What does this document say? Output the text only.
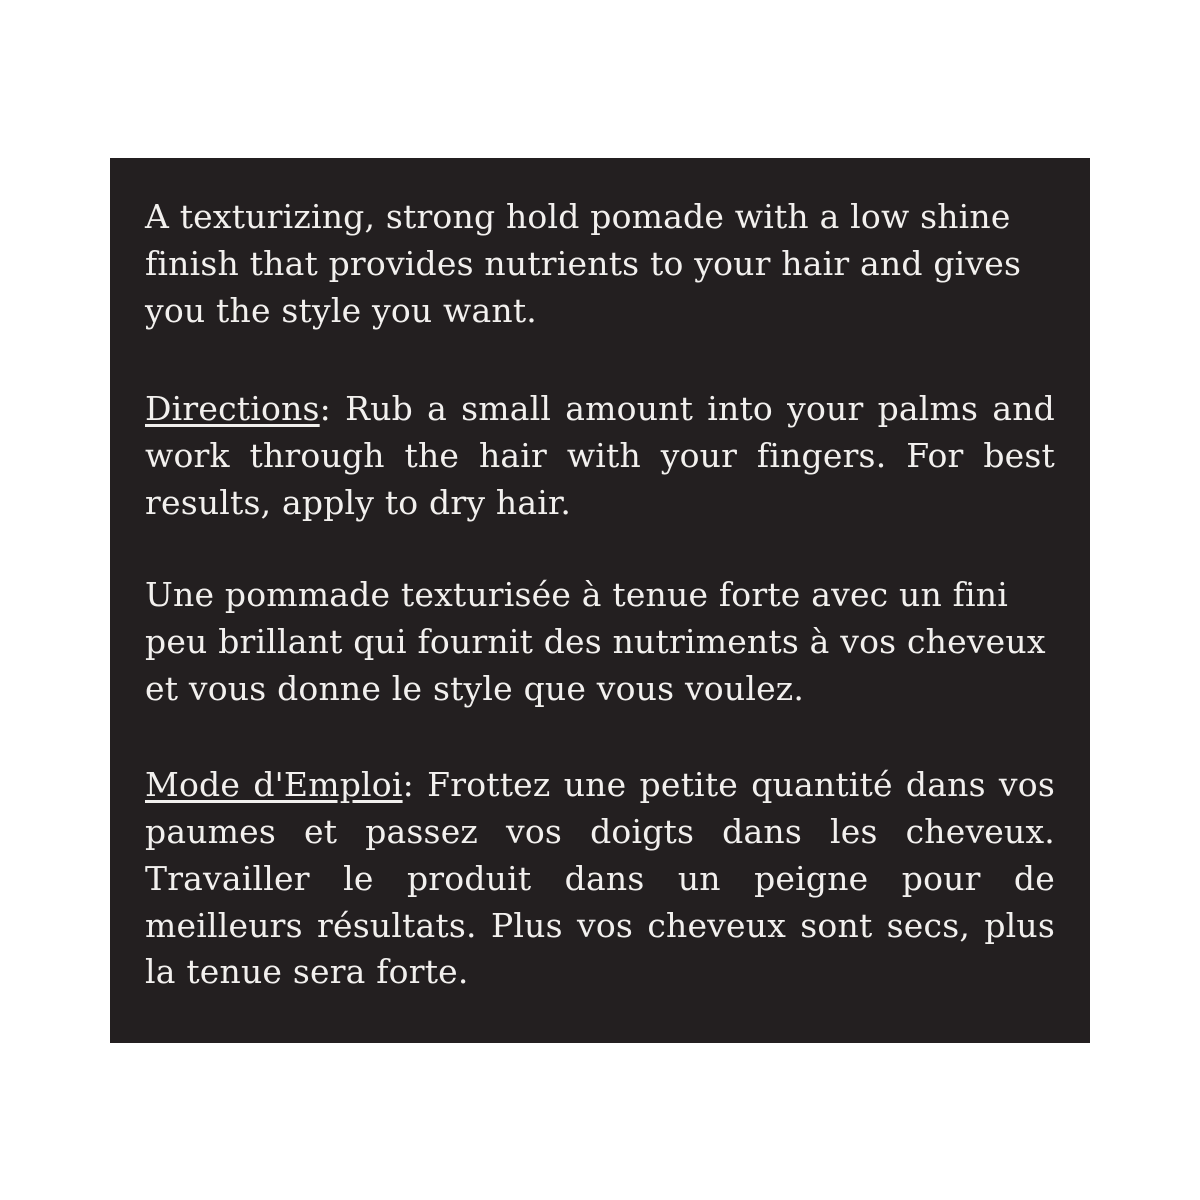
A texturizing, strong hold pomade with a low shine finish that provides nutrients to your hair and gives you the style you want.

Directions: Rub a small amount into your palms and work through the hair with your fingers. For best results, apply to dry hair.

Une pommade texturisée à tenue forte avec un fini peu brillant qui fournit des nutriments à vos cheveux et vous donne le style que vous voulez.

Mode d'Emploi: Frottez une petite quantité dans vos paumes et passez vos doigts dans les cheveux. Travailler le produit dans un peigne pour de meilleurs résultats. Plus vos cheveux sont secs, plus la tenue sera forte.
